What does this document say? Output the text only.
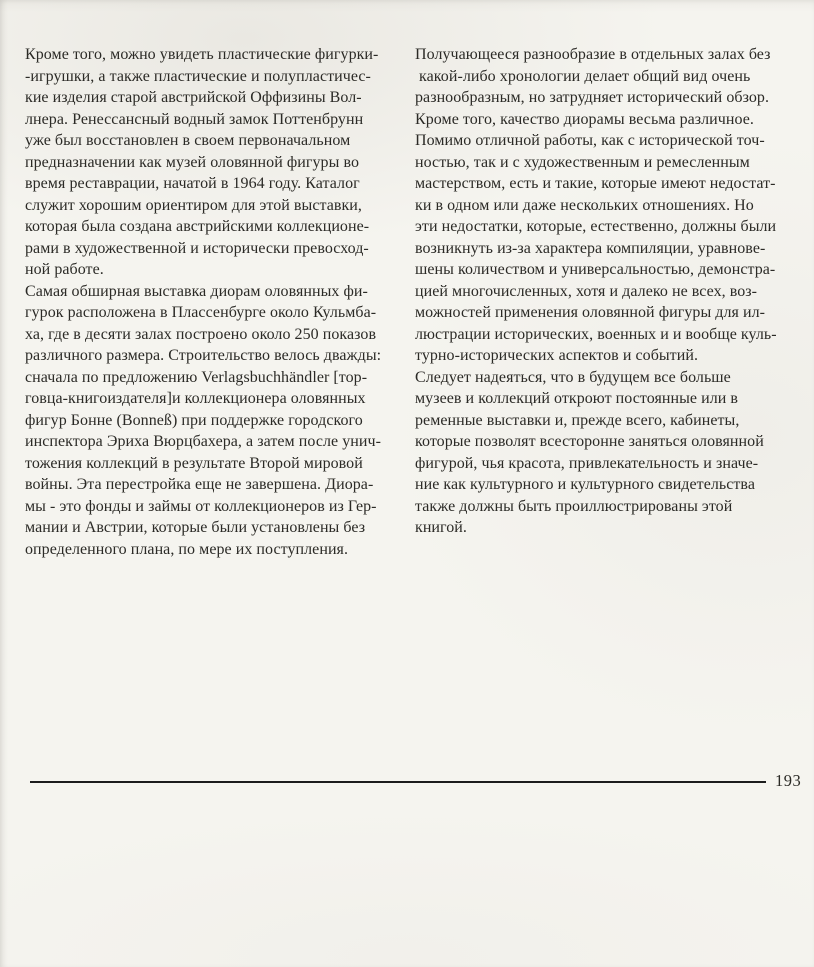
Кроме того, можно увидеть пластические фигурки-
-игрушки, а также пластические и полупластичес-
кие изделия старой австрийской Оффизины Вол-
лнера. Ренессансный водный замок Поттенбрунн
уже был восстановлен в своем первоначальном
предназначении как музей оловянной фигуры во
время реставрации, начатой в 1964 году. Каталог
служит хорошим ориентиром для этой выставки,
которая была создана австрийскими коллекционе-
рами в художественной и исторически превосход-
ной работе.
Самая обширная выставка диорам оловянных фи-
гурок расположена в Плассенбурге около Кульмба-
ха, где в десяти залах построено около 250 показов
различного размера. Строительство велось дважды:
сначала по предложению Verlagsbuchhändler [тор-
говца-книгоиздателя]и коллекционера оловянных
фигур Бонне (Bonneß) при поддержке городского
инспектора Эриха Вюрцбахера, а затем после унич-
тожения коллекций в результате Второй мировой
войны. Эта перестройка еще не завершена. Диора-
мы - это фонды и займы от коллекционеров из Гер-
мании и Австрии, которые были установлены без
определенного плана, по мере их поступления.
Получающееся разнообразие в отдельных залах без
какой-либо хронологии делает общий вид очень
разнообразным, но затрудняет исторический обзор.
Кроме того, качество диорамы весьма различное.
Помимо отличной работы, как с исторической точ-
ностью, так и с художественным и ремесленным
мастерством, есть и такие, которые имеют недостат-
ки в одном или даже нескольких отношениях. Но
эти недостатки, которые, естественно, должны были
возникнуть из-за характера компиляции, уравнове-
шены количеством и универсальностью, демонстра-
цией многочисленных, хотя и далеко не всех, воз-
можностей применения оловянной фигуры для ил-
люстрации исторических, военных и и вообще куль-
турно-исторических аспектов и событий.
Следует надеяться, что в будущем все больше
музеев и коллекций откроют постоянные или в
ременные выставки и, прежде всего, кабинеты,
которые позволят всесторонне заняться оловянной
фигурой, чья красота, привлекательность и значе-
ние как культурного и культурного свидетельства
также должны быть проиллюстрированы этой
книгой.
193
